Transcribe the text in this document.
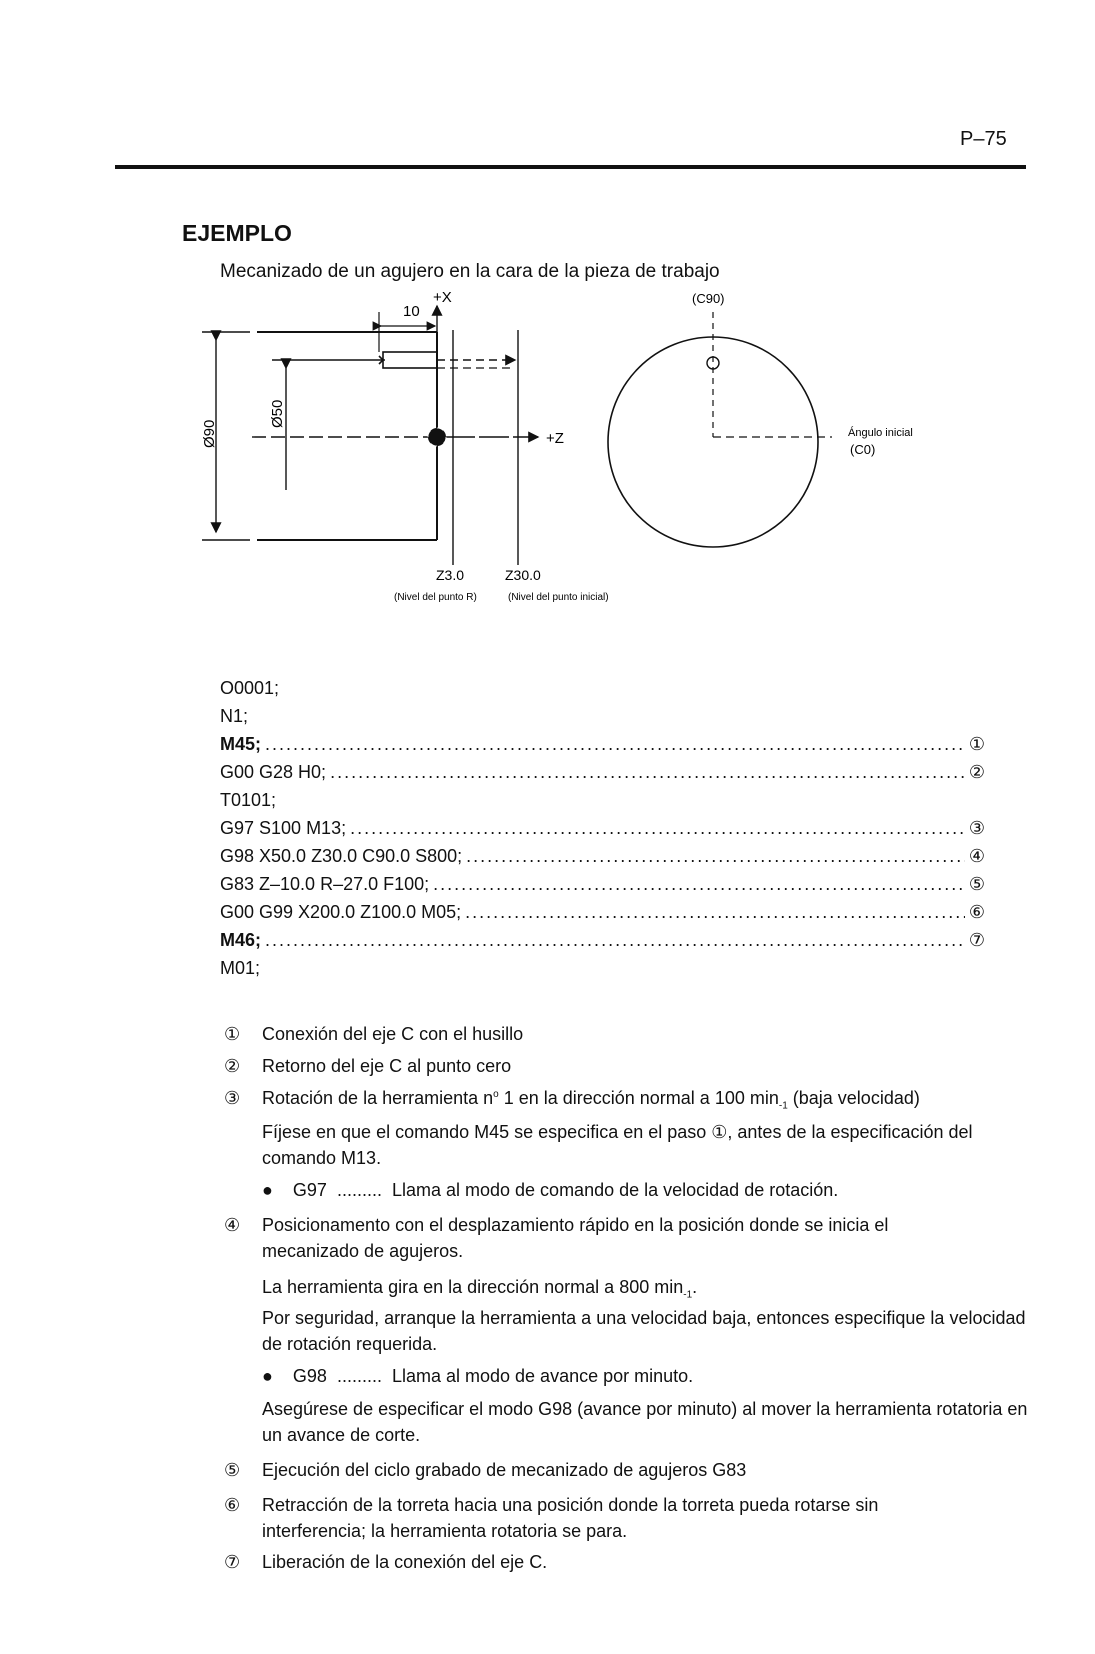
P–75
EJEMPLO
Mecanizado de un agujero en la cara de la pieza de trabajo
Ø90
Ø50
+Z
+X
10
Z3.0	Z30.0
(Nivel del punto R)	(Nivel del punto inicial)
(C90)
Ángulo inicial
(C0)
O0001;
N1;
M45; .....	①
G00 G28 H0; .....	②
T0101;
G97 S100 M13; .....	③
G98 X50.0 Z30.0 C90.0 S800; .....	④
G83 Z–10.0 R–27.0 F100; .....	⑤
G00 G99 X200.0 Z100.0 M05; .....	⑥
M46; .....	⑦
M01;
① Conexión del eje C con el husillo
② Retorno del eje C al punto cero
③ Rotación de la herramienta $n^o$ 1 en la dirección normal a 100 $\min_{-1}$ (baja velocidad)
Fíjese en que el comando M45 se especifica en el paso ①, antes de la especificación del comando M13.
●    G97 ......... Llama al modo de comando de la velocidad de rotación.
④	Posicionamento con el desplazamiento rápido en la posición donde se inicia el mecanizado de agujeros.
La herramienta gira en la dirección normal a 800 $\min_{-1}$.
Por seguridad, arranque la herramienta a una velocidad baja, entonces especifique la velocidad de rotación requerida.
●    G98 ......... Llama al modo de avance por minuto.
Asegúrese de especificar el modo G98 (avance por minuto) al mover la herramienta rotatoria en un avance de corte.
⑤ Ejecución del ciclo grabado de mecanizado de agujeros G83
⑥	Retracción de la torreta hacia una posición donde la torreta pueda rotarse sin interferencia; la herramienta rotatoria se para.
⑦ Liberación de la conexión del eje C.
